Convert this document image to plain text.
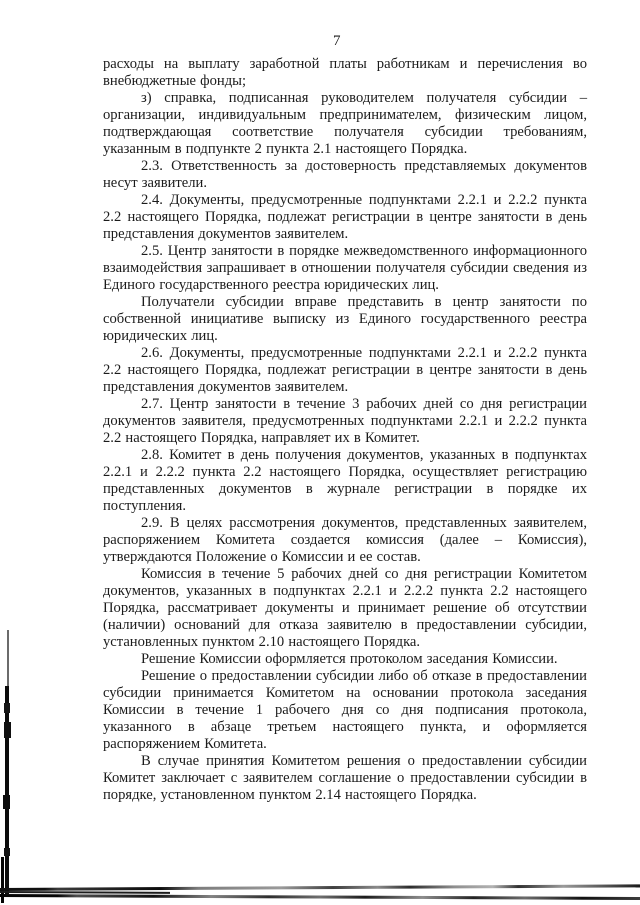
7

расходы на выплату заработной платы работникам и перечисления во внебюджетные фонды;

з) справка, подписанная руководителем получателя субсидии – организации, индивидуальным предпринимателем, физическим лицом, подтверждающая соответствие получателя субсидии требованиям, указанным в подпункте 2 пункта 2.1 настоящего Порядка.

2.3. Ответственность за достоверность представляемых документов несут заявители.

2.4. Документы, предусмотренные подпунктами 2.2.1 и 2.2.2 пункта 2.2 настоящего Порядка, подлежат регистрации в центре занятости в день представления документов заявителем.

2.5. Центр занятости в порядке межведомственного информационного взаимодействия запрашивает в отношении получателя субсидии сведения из Единого государственного реестра юридических лиц.

Получатели субсидии вправе представить в центр занятости по собственной инициативе выписку из Единого государственного реестра юридических лиц.

2.6. Документы, предусмотренные подпунктами 2.2.1 и 2.2.2 пункта 2.2 настоящего Порядка, подлежат регистрации в центре занятости в день представления документов заявителем.

2.7. Центр занятости в течение 3 рабочих дней со дня регистрации документов заявителя, предусмотренных подпунктами 2.2.1 и 2.2.2 пункта 2.2 настоящего Порядка, направляет их в Комитет.

2.8. Комитет в день получения документов, указанных в подпунктах 2.2.1 и 2.2.2 пункта 2.2 настоящего Порядка, осуществляет регистрацию представленных документов в журнале регистрации в порядке их поступления.

2.9. В целях рассмотрения документов, представленных заявителем, распоряжением Комитета создается комиссия (далее – Комиссия), утверждаются Положение о Комиссии и ее состав.

Комиссия в течение 5 рабочих дней со дня регистрации Комитетом документов, указанных в подпунктах 2.2.1 и 2.2.2 пункта 2.2 настоящего Порядка, рассматривает документы и принимает решение об отсутствии (наличии) оснований для отказа заявителю в предоставлении субсидии, установленных пунктом 2.10 настоящего Порядка.

Решение Комиссии оформляется протоколом заседания Комиссии.

Решение о предоставлении субсидии либо об отказе в предоставлении субсидии принимается Комитетом на основании протокола заседания Комиссии в течение 1 рабочего дня со дня подписания протокола, указанного в абзаце третьем настоящего пункта, и оформляется распоряжением Комитета.

В случае принятия Комитетом решения о предоставлении субсидии Комитет заключает с заявителем соглашение о предоставлении субсидии в порядке, установленном пунктом 2.14 настоящего Порядка.
